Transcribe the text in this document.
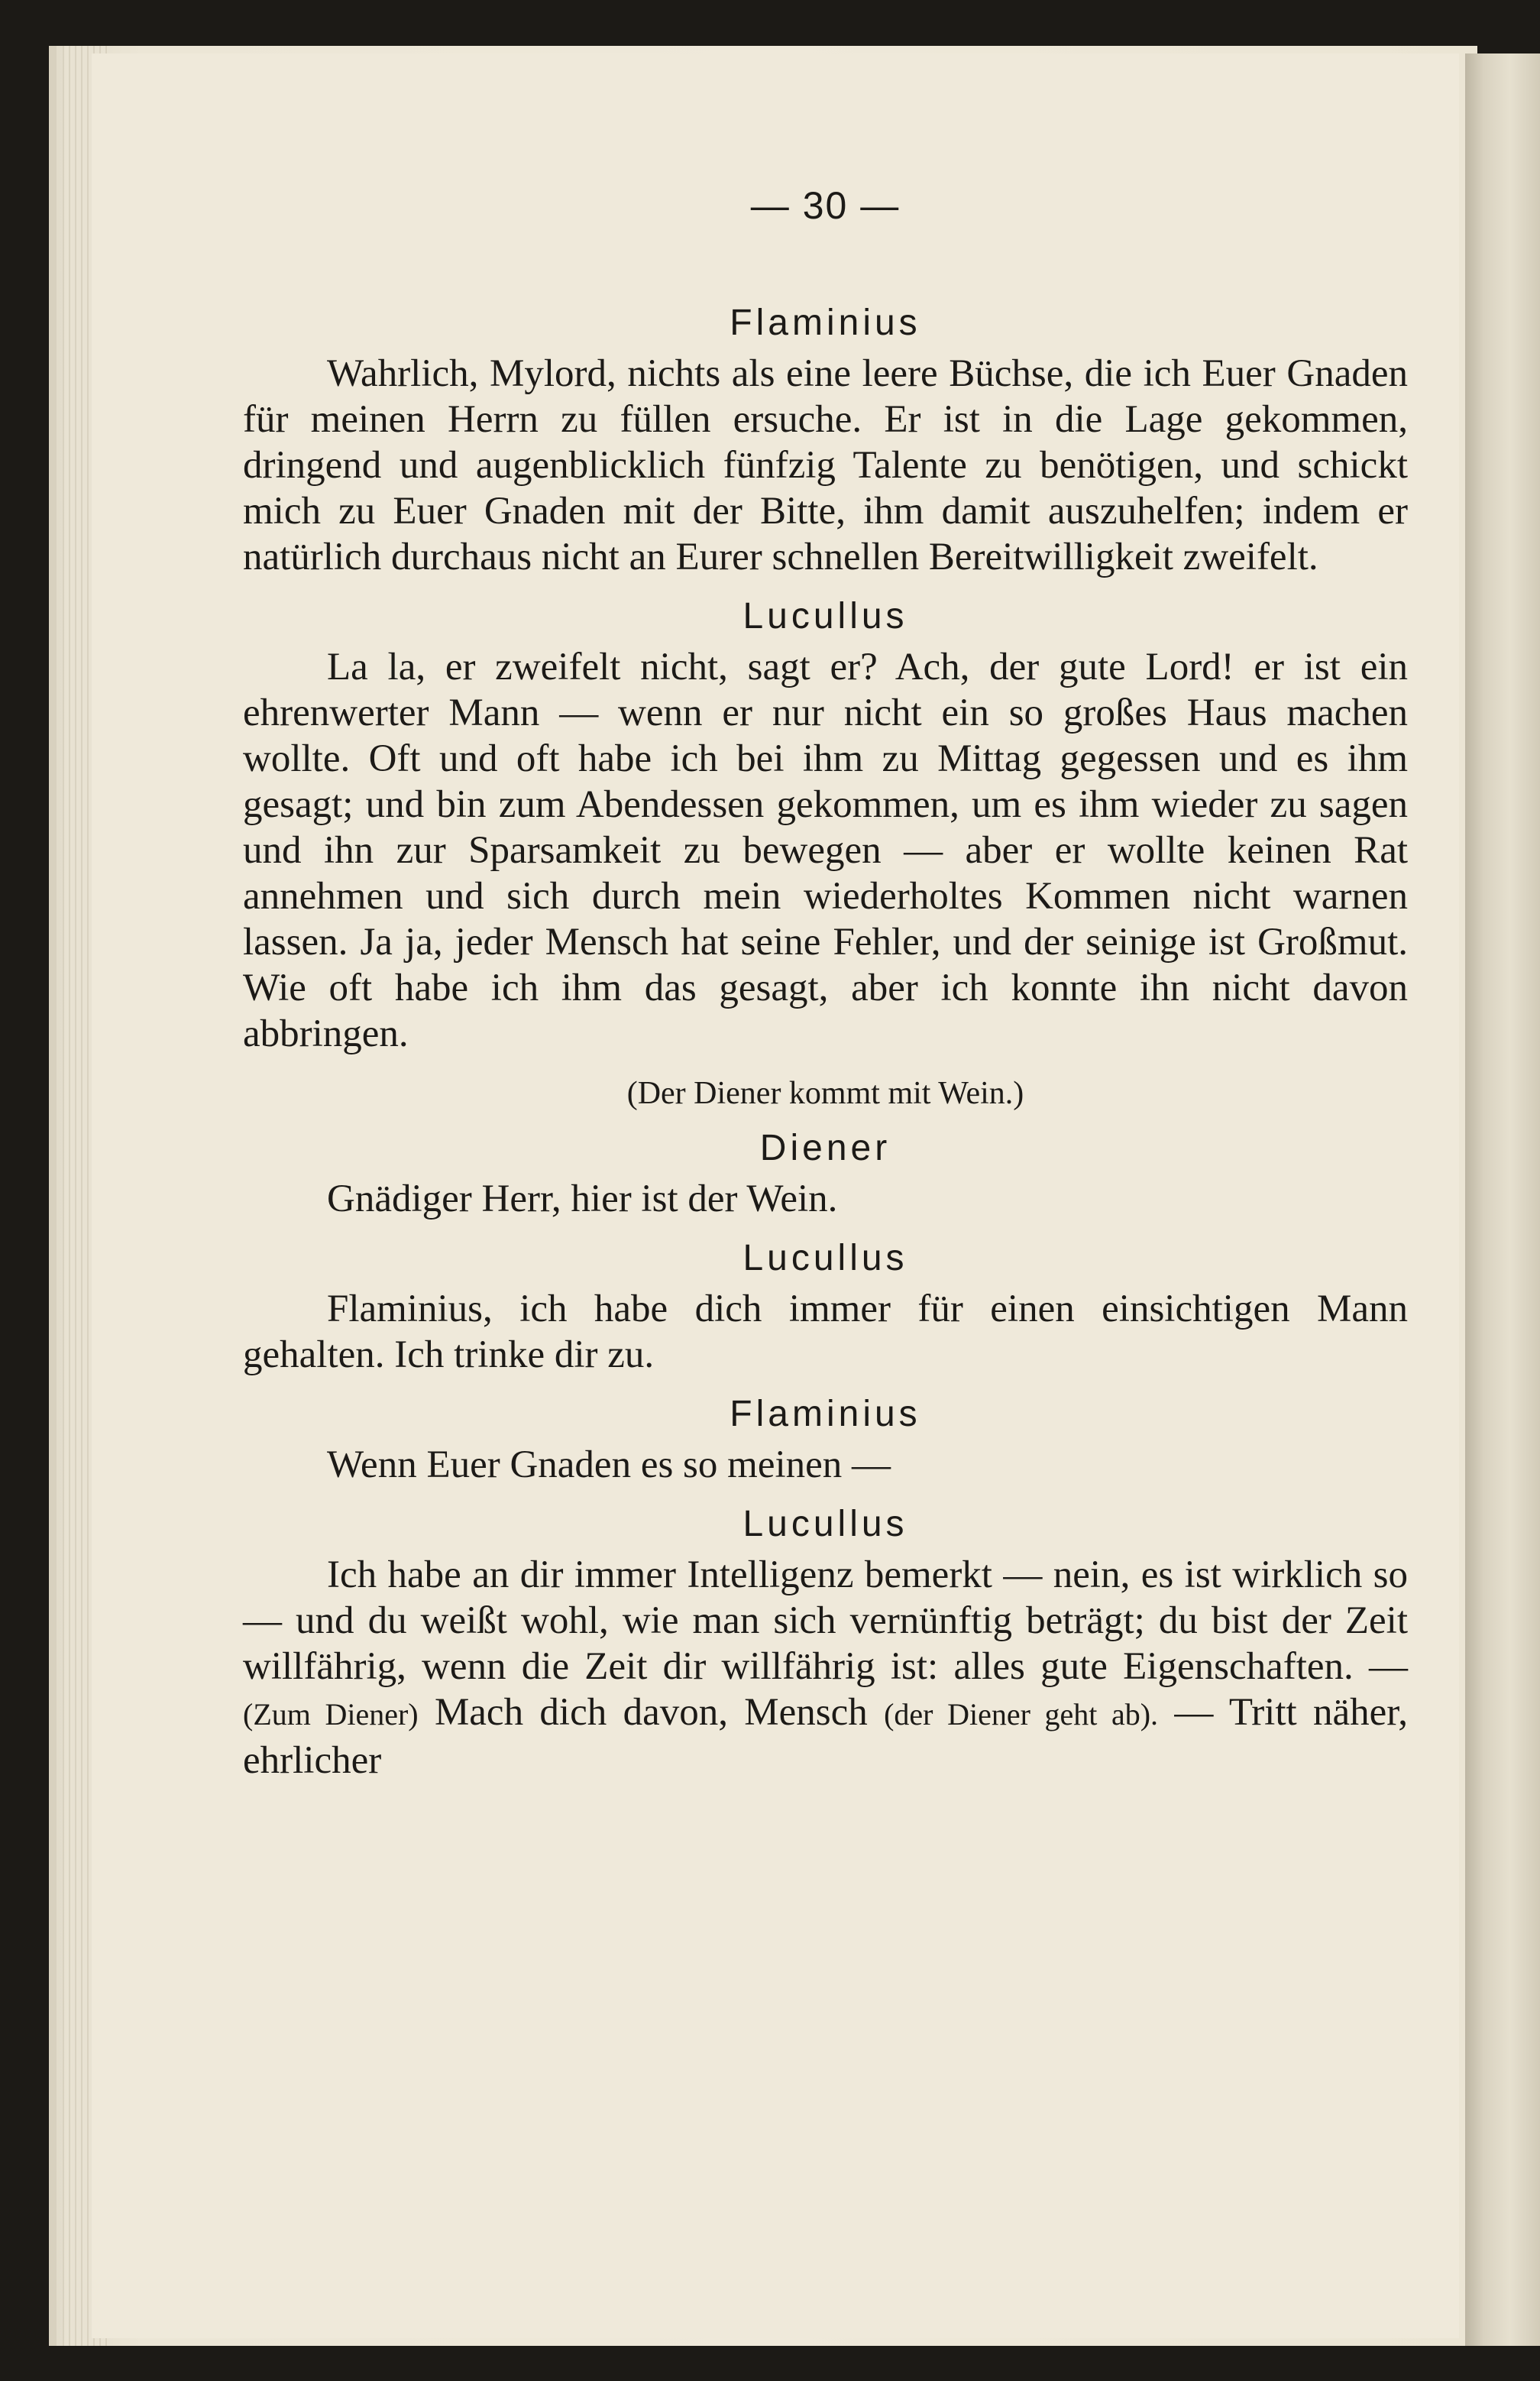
— 30 —
Flaminius

Wahrlich, Mylord, nichts als eine leere Büchse, die ich Euer Gnaden für meinen Herrn zu füllen ersuche. Er ist in die Lage gekommen, dringend und augenblicklich fünfzig Talente zu benötigen, und schickt mich zu Euer Gnaden mit der Bitte, ihm damit auszuhelfen; indem er natürlich durchaus nicht an Eurer schnellen Bereitwilligkeit zweifelt.

Lucullus

La la, er zweifelt nicht, sagt er? Ach, der gute Lord! er ist ein ehrenwerter Mann — wenn er nur nicht ein so großes Haus machen wollte. Oft und oft habe ich bei ihm zu Mittag gegessen und es ihm gesagt; und bin zum Abendessen gekommen, um es ihm wieder zu sagen und ihn zur Sparsamkeit zu bewegen — aber er wollte keinen Rat annehmen und sich durch mein wiederholtes Kommen nicht warnen lassen. Ja ja, jeder Mensch hat seine Fehler, und der seinige ist Großmut. Wie oft habe ich ihm das gesagt, aber ich konnte ihn nicht davon abbringen.

(Der Diener kommt mit Wein.)
Diener

Gnädiger Herr, hier ist der Wein.

Lucullus

Flaminius, ich habe dich immer für einen einsichtigen Mann gehalten. Ich trinke dir zu.

Flaminius

Wenn Euer Gnaden es so meinen —

Lucullus

Ich habe an dir immer Intelligenz bemerkt — nein, es ist wirklich so — und du weißt wohl, wie man sich vernünftig beträgt; du bist der Zeit willfährig, wenn die Zeit dir willfährig ist: alles gute Eigenschaften. — (Zum Diener) Mach dich davon, Mensch (der Diener geht ab). — Tritt näher, ehrlicher
